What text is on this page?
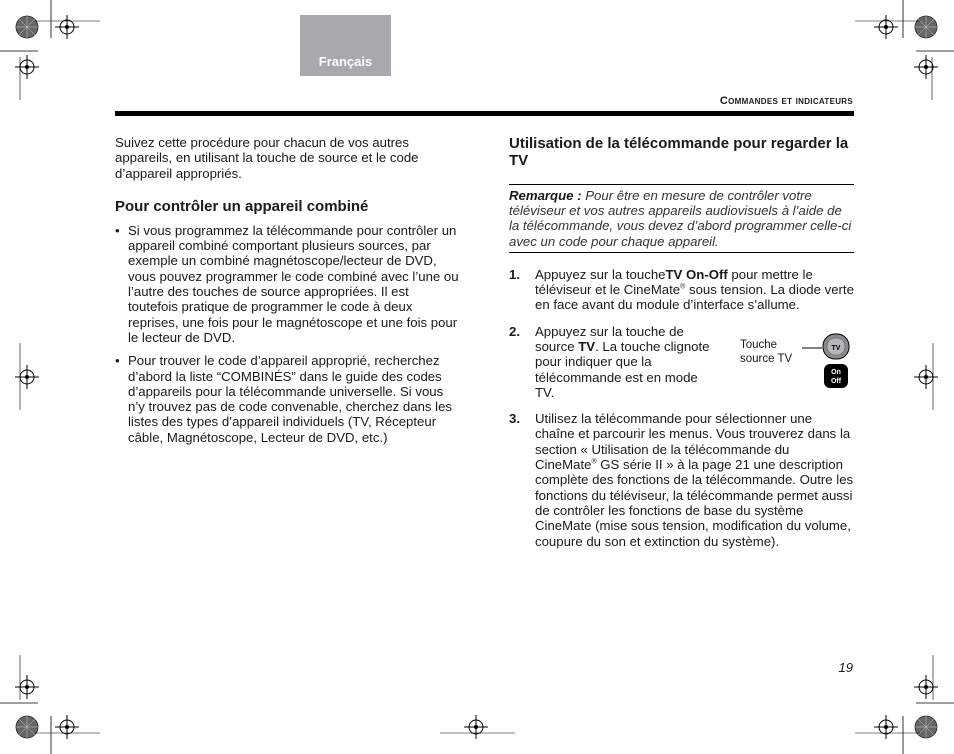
Français
Commandes et indicateurs

Suivez cette procédure pour chacun de vos autres appareils, en utilisant la touche de source et le code d’appareil appropriés.

Pour contrôler un appareil combiné
• Si vous programmez la télécommande pour contrôler un appareil combiné comportant plusieurs sources, par exemple un combiné magnétoscope/lecteur de DVD, vous pouvez programmer le code combiné avec l’une ou l’autre des touches de source appropriées. Il est toutefois pratique de programmer le code à deux reprises, une fois pour le magnétoscope et une fois pour le lecteur de DVD.
• Pour trouver le code d’appareil approprié, recherchez d’abord la liste “COMBINÉS” dans le guide des codes d’appareils pour la télécommande universelle. Si vous n’y trouvez pas de code convenable, cherchez dans les listes des types d’appareil individuels (TV, Récepteur câble, Magnétoscope, Lecteur de DVD, etc.)
Utilisation de la télécommande pour regarder la TV
Remarque : Pour être en mesure de contrôler votre téléviseur et vos autres appareils audiovisuels à l’aide de la télécommande, vous devez d’abord programmer celle-ci avec un code pour chaque appareil.
1. Appuyez sur la toucheTV On-Off pour mettre le téléviseur et le CineMate® sous tension. La diode verte en face avant du module d’interface s’allume.
2. Appuyez sur la touche de source TV. La touche clignote pour indiquer que la télécommande est en mode TV.
3. Utilisez la télécommande pour sélectionner une chaîne et parcourir les menus. Vous trouverez dans la section « Utilisation de la télécommande du CineMate® GS série II » à la page 21 une description complète des fonctions de la télécommande. Outre les fonctions du téléviseur, la télécommande permet aussi de contrôler les fonctions de base du système CineMate (mise sous tension, modification du volume, coupure du son et extinction du système).
Touche
source TV
TV
On
Off
19
